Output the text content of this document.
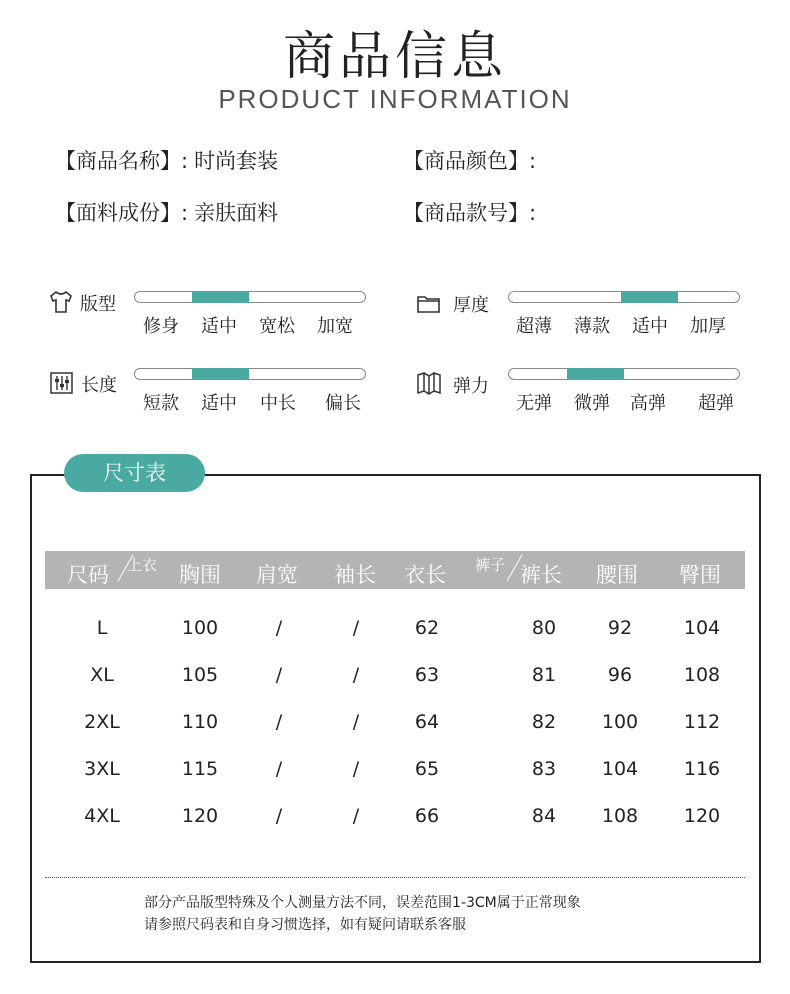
商品信息
PRODUCT INFORMATION
【商品名称】: 时尚套装	【商品颜色】:
【面料成份】: 亲肤面料	【商品款号】:
版型
修身 适中 宽松 加宽
厚度
超薄 薄款 适中 加厚
长度
短款 适中 中长 偏长
弹力
无弹 微弹 高弹 超弹
尺寸表
尺码 上衣 胸围 肩宽 袖长 衣长 裤子 裤长 腰围 臀围
L	100	/	/	62	80	92	104
XL	105	/	/	63	81	96	108
2XL	110	/	/	64	82	100	112
3XL	115	/	/	65	83	104	116
4XL	120	/	/	66	84	108	120
部分产品版型特殊及个人测量方法不同，误差范围1-3CM属于正常现象
请参照尺码表和自身习惯选择，如有疑问请联系客服
